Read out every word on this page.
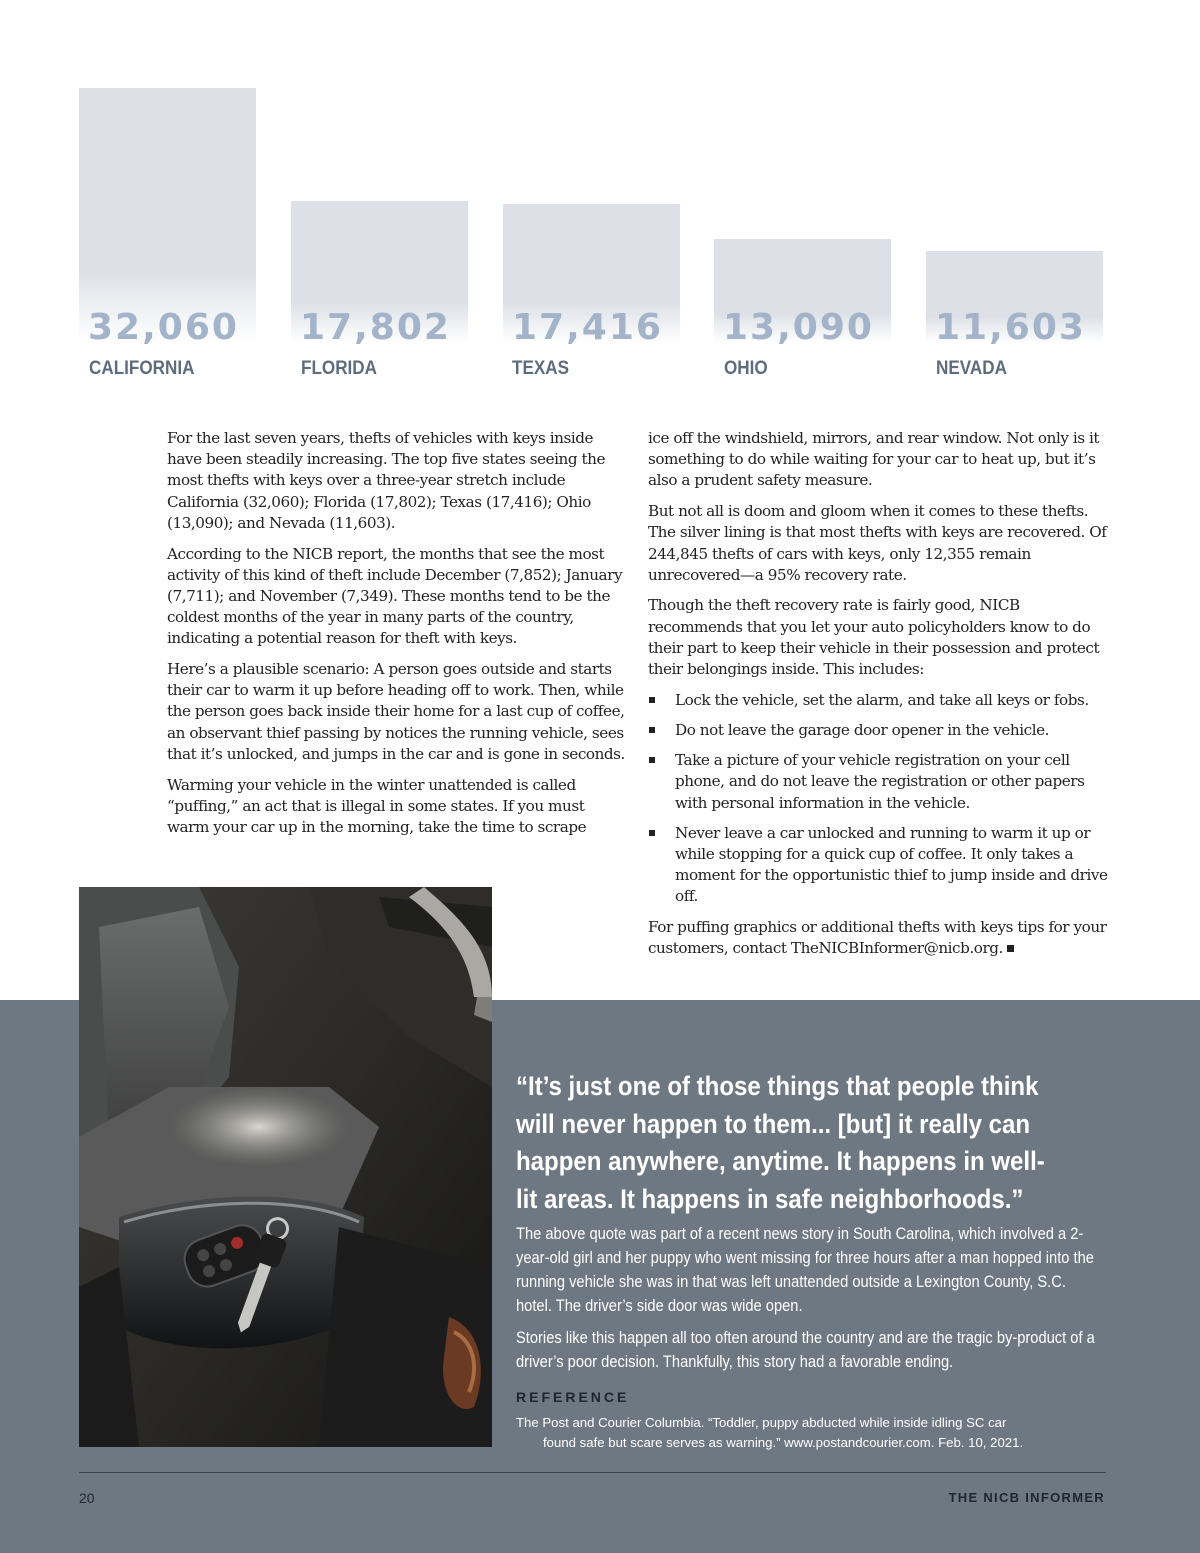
32,060 17,802 17,416 13,090 11,603
CALIFORNIA	FLORIDA	TEXAS	OHIO	NEVADA

For the last seven years, thefts of vehicles with keys inside have been steadily increasing. The top five states seeing the most thefts with keys over a three-year stretch include California (32,060); Florida (17,802); Texas (17,416); Ohio (13,090); and Nevada (11,603).

According to the NICB report, the months that see the most activity of this kind of theft include December (7,852); January (7,711); and November (7,349). These months tend to be the coldest months of the year in many parts of the country, indicating a potential reason for theft with keys.

Here’s a plausible scenario: A person goes outside and starts their car to warm it up before heading off to work. Then, while the person goes back inside their home for a last cup of coffee, an observant thief passing by notices the running vehicle, sees that it’s unlocked, and jumps in the car and is gone in seconds.

Warming your vehicle in the winter unattended is called “puffing,” an act that is illegal in some states. If you must warm your car up in the morning, take the time to scrape

ice off the windshield, mirrors, and rear window. Not only is it something to do while waiting for your car to heat up, but it’s also a prudent safety measure.

But not all is doom and gloom when it comes to these thefts. The silver lining is that most thefts with keys are recovered. Of 244,845 thefts of cars with keys, only 12,355 remain unrecovered—a 95% recovery rate.

Though the theft recovery rate is fairly good, NICB recommends that you let your auto policyholders know to do their part to keep their vehicle in their possession and protect their belongings inside. This includes:

Lock the vehicle, set the alarm, and take all keys or fobs.
Do not leave the garage door opener in the vehicle.
Take a picture of your vehicle registration on your cell phone, and do not leave the registration or other papers with personal information in the vehicle.
Never leave a car unlocked and running to warm it up or while stopping for a quick cup of coffee. It only takes a moment for the opportunistic thief to jump inside and drive off.

For puffing graphics or additional thefts with keys tips for your customers, contact TheNICBInformer@nicb.org.

“It’s just one of those things that people think will never happen to them... [but] it really can happen anywhere, anytime. It happens in well-lit areas. It happens in safe neighborhoods.”

The above quote was part of a recent news story in South Carolina, which involved a 2-year-old girl and her puppy who went missing for three hours after a man hopped into the running vehicle she was in that was left unattended outside a Lexington County, S.C. hotel. The driver’s side door was wide open.

Stories like this happen all too often around the country and are the tragic by-product of a driver’s poor decision. Thankfully, this story had a favorable ending.

REFERENCE
The Post and Courier Columbia. “Toddler, puppy abducted while inside idling SC car
found safe but scare serves as warning.” www.postandcourier.com. Feb. 10, 2021.
20	THE NICB INFORMER
